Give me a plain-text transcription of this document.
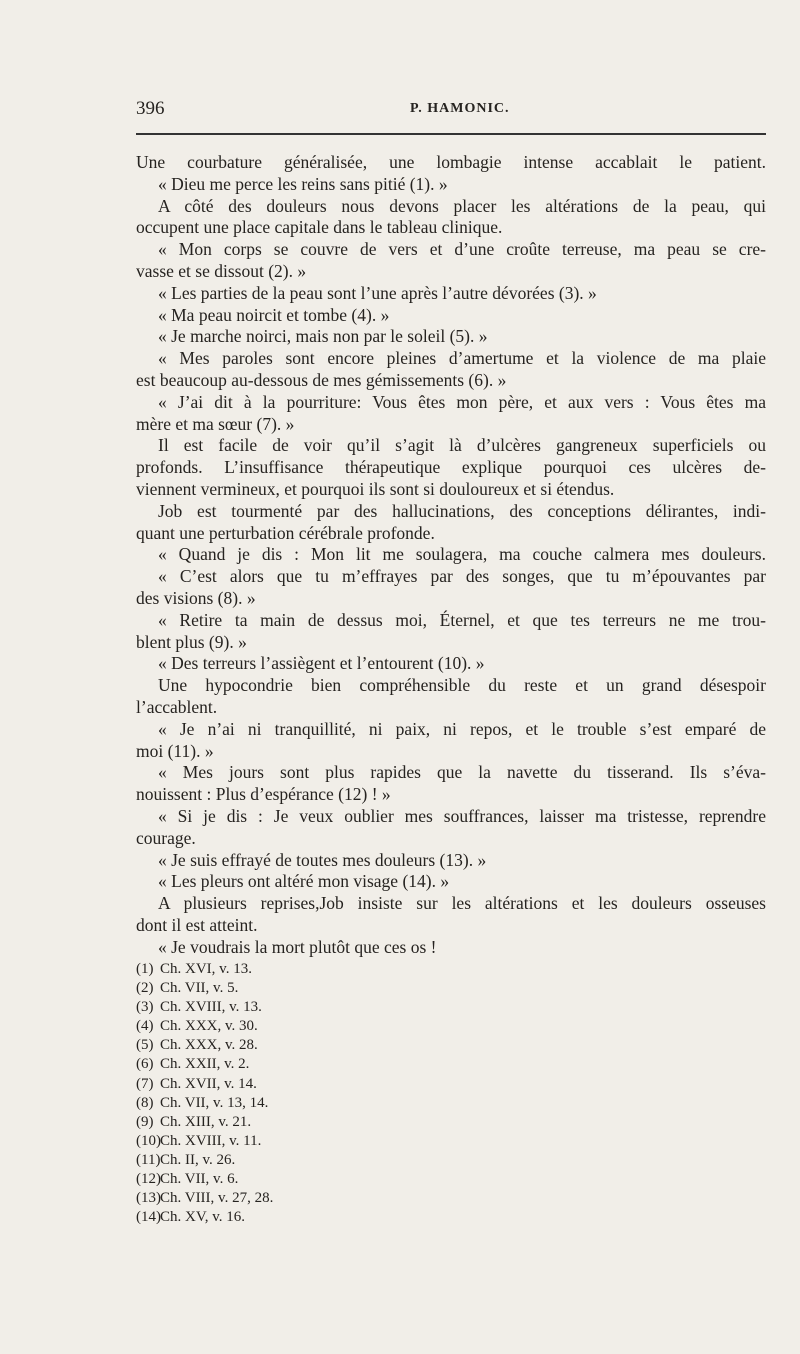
396	P. HAMONIC.
Une courbature généralisée, une lombagie intense accablait le patient.
« Dieu me perce les reins sans pitié (1). »
A côté des douleurs nous devons placer les altérations de la peau, qui
occupent une place capitale dans le tableau clinique.
« Mon corps se couvre de vers et d’une croûte terreuse, ma peau se cre-
vasse et se dissout (2). »
« Les parties de la peau sont l’une après l’autre dévorées (3). »
« Ma peau noircit et tombe (4). »
« Je marche noirci, mais non par le soleil (5). »
« Mes paroles sont encore pleines d’amertume et la violence de ma plaie
est beaucoup au-dessous de mes gémissements (6). »
« J’ai dit à la pourriture: Vous êtes mon père, et aux vers : Vous êtes ma
mère et ma sœur (7). »
Il est facile de voir qu’il s’agit là d’ulcères gangreneux superficiels ou
profonds. L’insuffisance thérapeutique explique pourquoi ces ulcères de-
viennent vermineux, et pourquoi ils sont si douloureux et si étendus.
Job est tourmenté par des hallucinations, des conceptions délirantes, indi-
quant une perturbation cérébrale profonde.
« Quand je dis : Mon lit me soulagera, ma couche calmera mes douleurs.
« C’est alors que tu m’effrayes par des songes, que tu m’épouvantes par
des visions (8). »
« Retire ta main de dessus moi, Éternel, et que tes terreurs ne me trou-
blent plus (9). »
« Des terreurs l’assiègent et l’entourent (10). »
Une hypocondrie bien compréhensible du reste et un grand désespoir
l’accablent.
« Je n’ai ni tranquillité, ni paix, ni repos, et le trouble s’est emparé de
moi (11). »
« Mes jours sont plus rapides que la navette du tisserand. Ils s’éva-
nouissent : Plus d’espérance (12) ! »
« Si je dis : Je veux oublier mes souffrances, laisser ma tristesse, reprendre
courage.
« Je suis effrayé de toutes mes douleurs (13). »
« Les pleurs ont altéré mon visage (14). »
A plusieurs reprises,Job insiste sur les altérations et les douleurs osseuses
dont il est atteint.
« Je voudrais la mort plutôt que ces os !
(1) Ch. XVI, v. 13.
(2) Ch. VII, v. 5.
(3) Ch. XVIII, v. 13.
(4) Ch. XXX, v. 30.
(5) Ch. XXX, v. 28.
(6) Ch. XXII, v. 2.
(7) Ch. XVII, v. 14.
(8) Ch. VII, v. 13, 14.
(9) Ch. XIII, v. 21.
(10)Ch. XVIII, v. 11.
(11)Ch. II, v. 26.
(12)Ch. VII, v. 6.
(13)Ch. VIII, v. 27, 28.
(14)Ch. XV, v. 16.
